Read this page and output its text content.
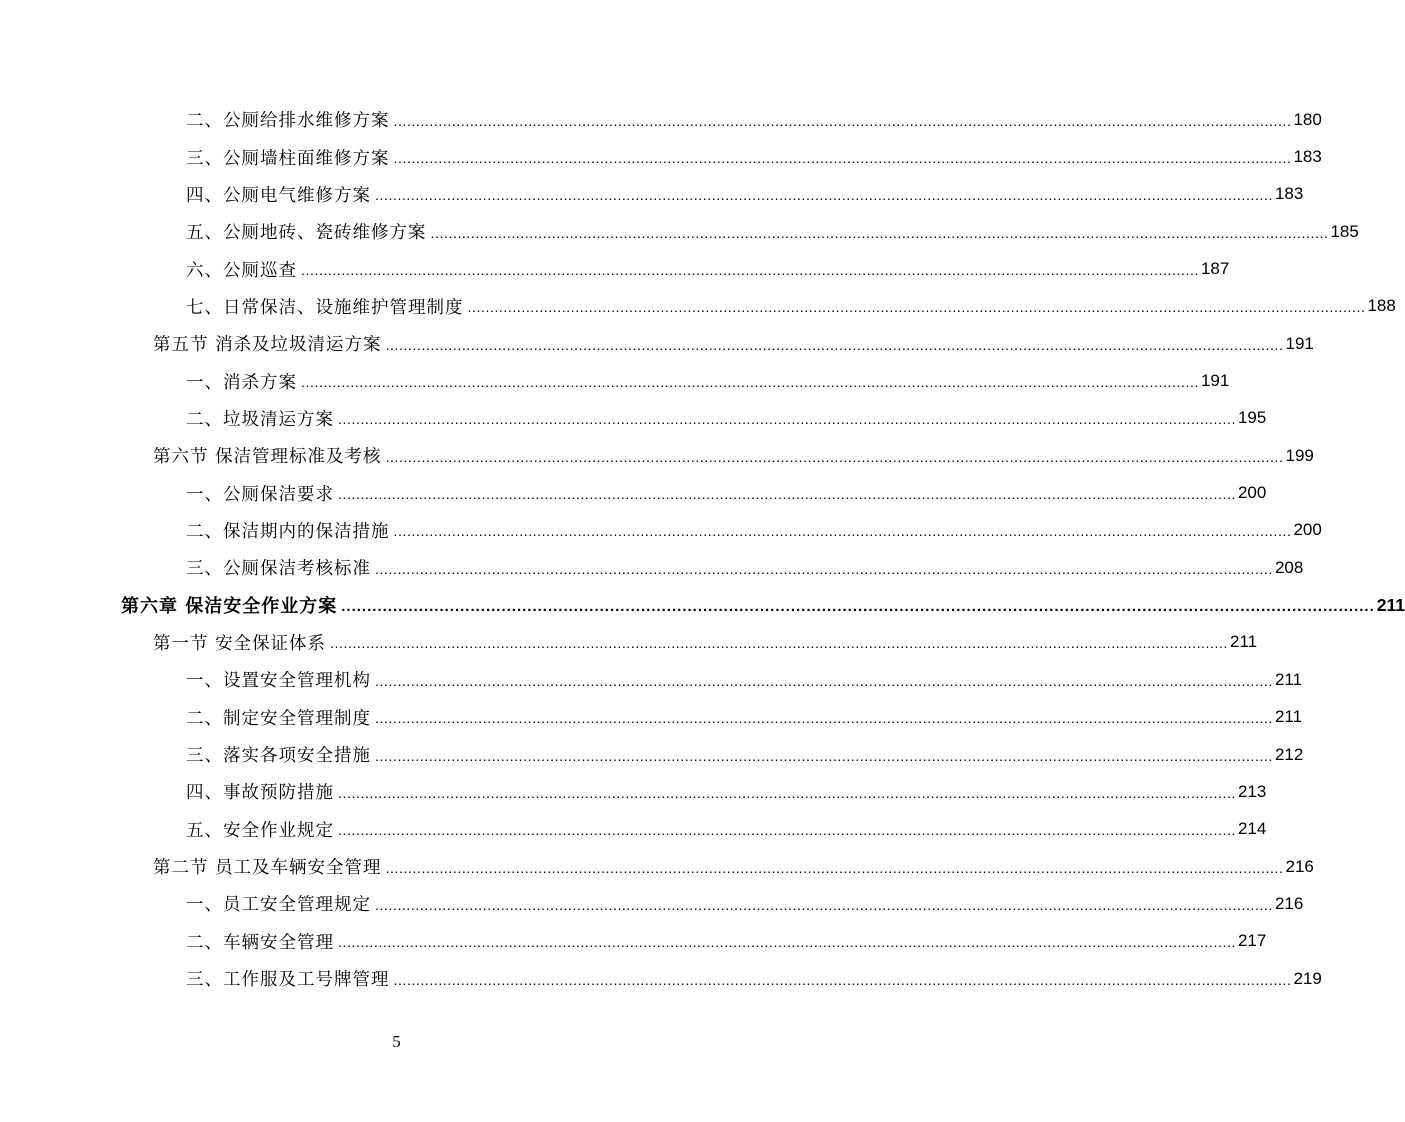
二、公厕给排水维修方案 ........................................................................................................................................................................................................ 180
三、公厕墙柱面维修方案 ........................................................................................................................................................................................................ 183
四、公厕电气维修方案 ........................................................................................................................................................................................................ 183
五、公厕地砖、瓷砖维修方案 ........................................................................................................................................................................................................ 185
六、公厕巡查 ........................................................................................................................................................................................................ 187
七、日常保洁、设施维护管理制度 ........................................................................................................................................................................................................ 188
第五节 消杀及垃圾清运方案 ........................................................................................................................................................................................................ 191
一、消杀方案 ........................................................................................................................................................................................................ 191
二、垃圾清运方案 ........................................................................................................................................................................................................ 195
第六节 保洁管理标准及考核 ........................................................................................................................................................................................................ 199
一、公厕保洁要求 ........................................................................................................................................................................................................ 200
二、保洁期内的保洁措施 ........................................................................................................................................................................................................ 200
三、公厕保洁考核标准 ........................................................................................................................................................................................................ 208
第六章 保洁安全作业方案 ........................................................................................................................................................................................................ 211
第一节 安全保证体系 ........................................................................................................................................................................................................ 211
一、设置安全管理机构 ........................................................................................................................................................................................................ 211
二、制定安全管理制度 ........................................................................................................................................................................................................ 211
三、落实各项安全措施 ........................................................................................................................................................................................................ 212
四、事故预防措施 ........................................................................................................................................................................................................ 213
五、安全作业规定 ........................................................................................................................................................................................................ 214
第二节 员工及车辆安全管理 ........................................................................................................................................................................................................ 216
一、员工安全管理规定 ........................................................................................................................................................................................................ 216
二、车辆安全管理 ........................................................................................................................................................................................................ 217
三、工作服及工号牌管理 ........................................................................................................................................................................................................ 219
5
